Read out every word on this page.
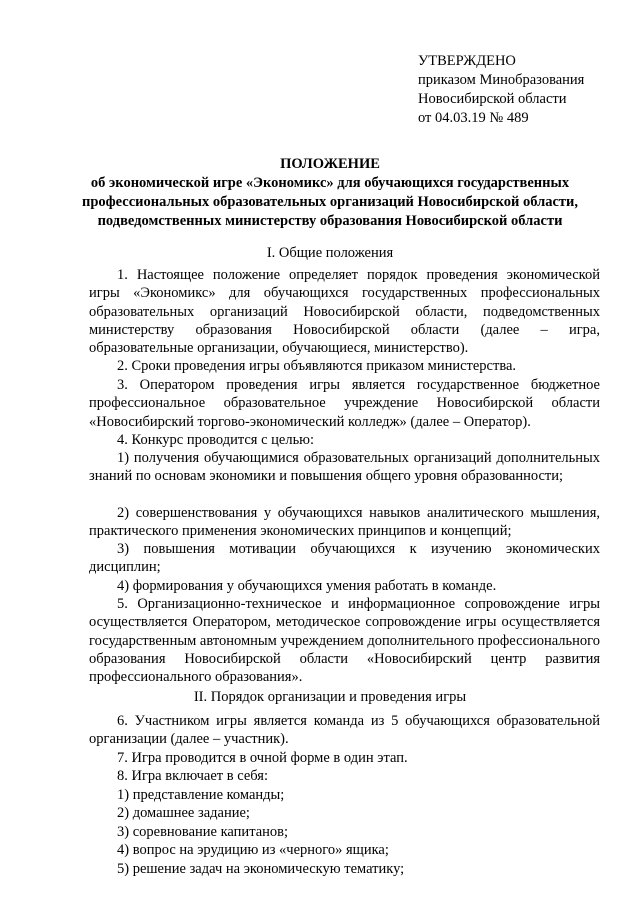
УТВЕРЖДЕНО
приказом Минобразования
Новосибирской области
от 04.03.19 № 489
ПОЛОЖЕНИЕ
об экономической игре «Экономикс» для обучающихся государственных
профессиональных образовательных организаций Новосибирской области,
подведомственных министерству образования Новосибирской области
I. Общие положения

1. Настоящее положение определяет порядок проведения экономической игры «Экономикс» для обучающихся государственных профессиональных образовательных организаций Новосибирской области, подведомственных министерству образования Новосибирской области (далее – игра, образовательные организации, обучающиеся, министерство).

2. Сроки проведения игры объявляются приказом министерства.

3. Оператором проведения игры является государственное бюджетное профессиональное образовательное учреждение Новосибирской области «Новосибирский торгово-экономический колледж» (далее – Оператор).

4. Конкурс проводится с целью:

1) получения обучающимися образовательных организаций дополнительных знаний по основам экономики и повышения общего уровня образованности;

2) совершенствования у обучающихся навыков аналитического мышления, практического применения экономических принципов и концепций;

3) повышения мотивации обучающихся к изучению экономических дисциплин;

4) формирования у обучающихся умения работать в команде.

5. Организационно-техническое и информационное сопровождение игры осуществляется Оператором, методическое сопровождение игры осуществляется государственным автономным учреждением дополнительного профессионального образования Новосибирской области «Новосибирский центр развития профессионального образования».

II. Порядок организации и проведения игры

6. Участником игры является команда из 5 обучающихся образовательной организации (далее – участник).

7. Игра проводится в очной форме в один этап.

8. Игра включает в себя:

1) представление команды;

2) домашнее задание;

3) соревнование капитанов;

4) вопрос на эрудицию из «черного» ящика;

5) решение задач на экономическую тематику;
